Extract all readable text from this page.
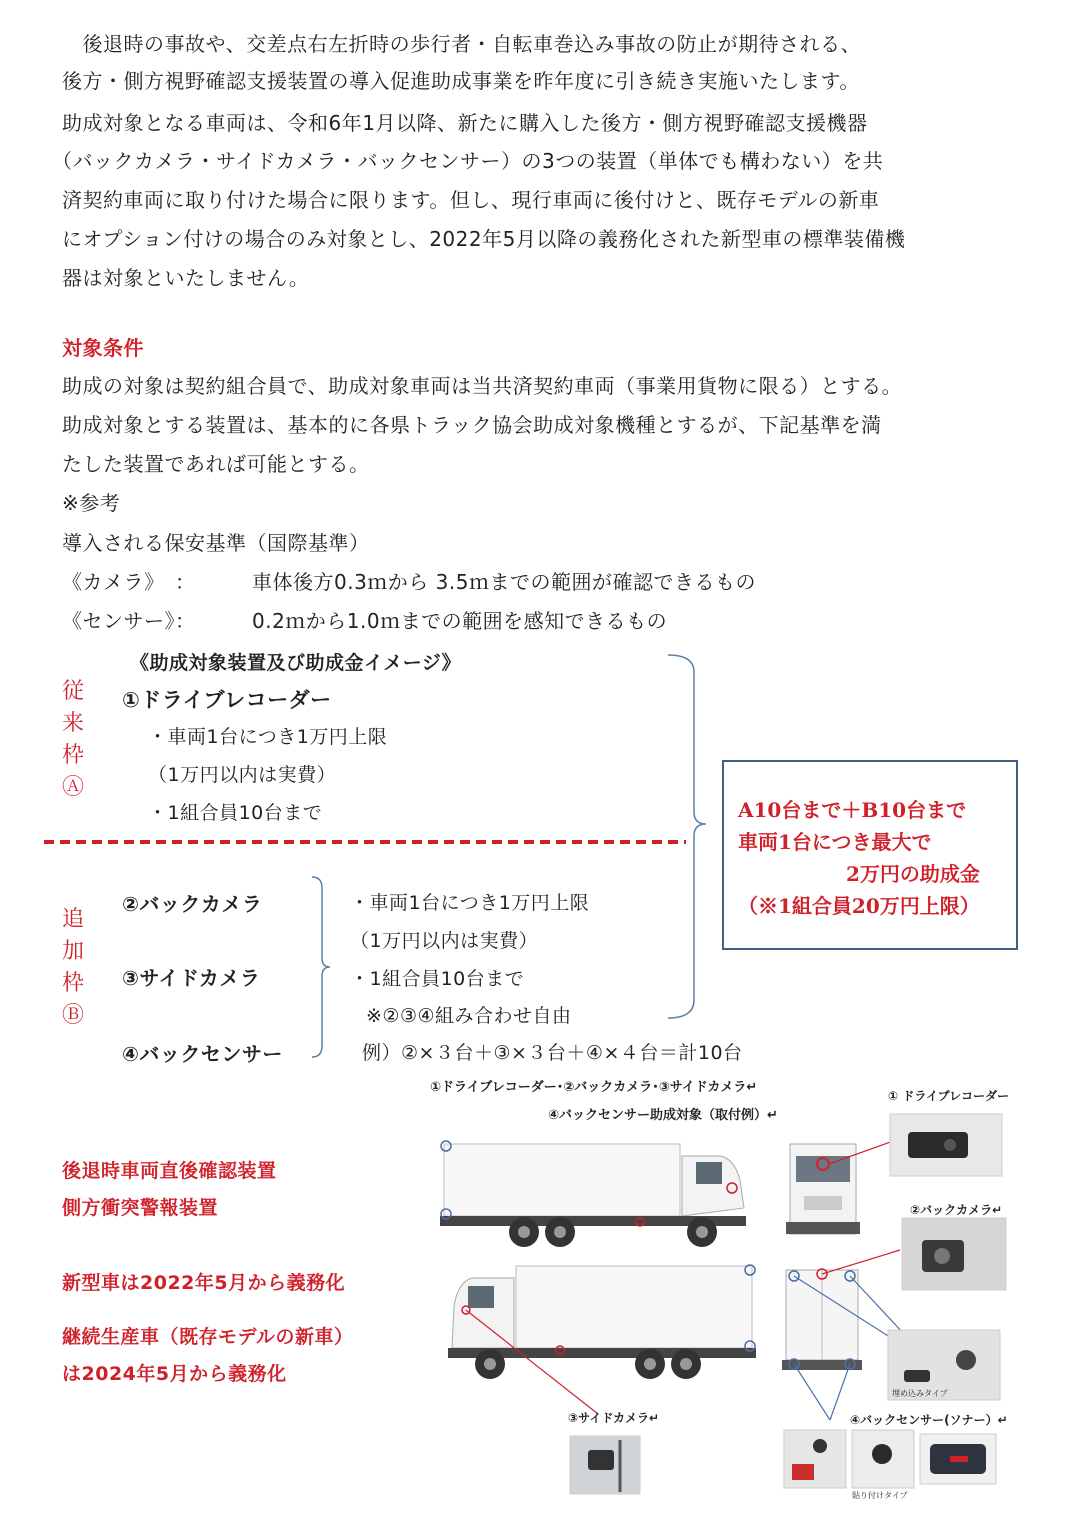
　後退時の事故や、交差点右左折時の歩行者・自転車巻込み事故の防止が期待される、
後方・側方視野確認支援装置の導入促進助成事業を昨年度に引き続き実施いたします。
助成対象となる車両は、令和6年1月以降、新たに購入した後方・側方視野確認支援機器
（バックカメラ・サイドカメラ・バックセンサー）の3つの装置（単体でも構わない）を共
済契約車両に取り付けた場合に限ります。但し、現行車両に後付けと、既存モデルの新車
にオプション付けの場合のみ対象とし、2022年5月以降の義務化された新型車の標準装備機
器は対象といたしません。
対象条件
助成の対象は契約組合員で、助成対象車両は当共済契約車両（事業用貨物に限る）とする。
助成対象とする装置は、基本的に各県トラック協会助成対象機種とするが、下記基準を満
たした装置であれば可能とする。
※参考
導入される保安基準（国際基準）
《カメラ》　：	車体後方0.3ｍから 3.5ｍまでの範囲が確認できるもの
《センサー》：	0.2ｍから1.0ｍまでの範囲を感知できるもの
《助成対象装置及び助成金イメージ》
従
来
枠
Ⓐ
①ドライブレコーダー
・車両1台につき1万円上限
（1万円以内は実費）
・1組合員10台まで
追
加
枠
Ⓑ
②バックカメラ
③サイドカメラ
④バックセンサー
・車両1台につき1万円上限
（1万円以内は実費）
・1組合員10台まで
※②③④組み合わせ自由
例）②×３台＋③×３台＋④×４台＝計10台
A10台まで＋B10台まで
車両1台につき最大で
2万円の助成金
（※1組合員20万円上限）
後退時車両直後確認装置
側方衝突警報装置
新型車は2022年5月から義務化
継続生産車（既存モデルの新車）
は2024年5月から義務化
①ドライブレコーダー･②バックカメラ･③サイドカメラ↵
④バックセンサー助成対象（取付例）↵
① ドライブレコーダー
②バックカメラ↵
埋め込みタイプ
③サイドカメラ↵	④バックセンサー(ソナー）↵
貼り付けタイプ
